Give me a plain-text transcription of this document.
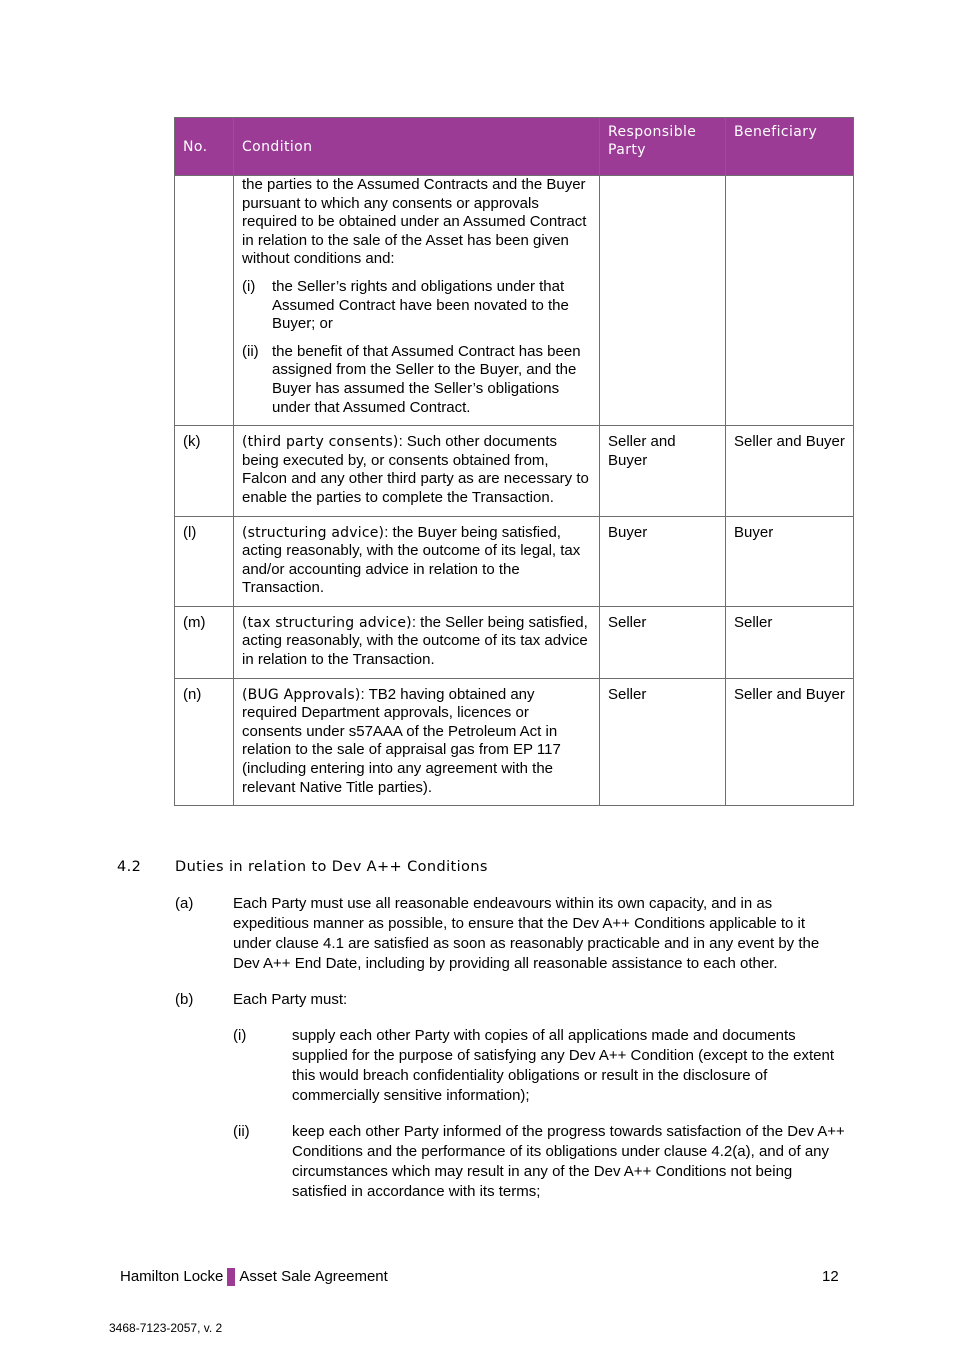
No.	Condition	Responsible Party	Beneficiary

	the parties to the Assumed Contracts and the Buyer pursuant to which any consents or approvals required to be obtained under an Assumed Contract in relation to the sale of the Asset has been given without conditions and:
(i) the Seller’s rights and obligations under that Assumed Contract have been novated to the Buyer; or
(ii) the benefit of that Assumed Contract has been assigned from the Seller to the Buyer, and the Buyer has assumed the Seller’s obligations under that Assumed Contract.		

(k)	(third party consents): Such other documents being executed by, or consents obtained from, Falcon and any other third party as are necessary to enable the parties to complete the Transaction.	Seller and Buyer	Seller and Buyer
(l)	(structuring advice): the Buyer being satisfied, acting reasonably, with the outcome of its legal, tax and/or accounting advice in relation to the Transaction.	Buyer	Buyer
(m)	(tax structuring advice): the Seller being satisfied, acting reasonably, with the outcome of its tax advice in relation to the Transaction.	Seller	Seller
(n)	(BUG Approvals): TB2 having obtained any required Department approvals, licences or consents under s57AAA of the Petroleum Act in relation to the sale of appraisal gas from EP 117 (including entering into any agreement with the relevant Native Title parties).	Seller	Seller and Buyer
4.2	Duties in relation to Dev A++ Conditions
(a)	Each Party must use all reasonable endeavours within its own capacity, and in as expeditious manner as possible, to ensure that the Dev A++ Conditions applicable to it under clause 4.1 are satisfied as soon as reasonably practicable and in any event by the Dev A++ End Date, including by providing all reasonable assistance to each other.
(b)	Each Party must:
(i)	supply each other Party with copies of all applications made and documents supplied for the purpose of satisfying any Dev A++ Condition (except to the extent this would breach confidentiality obligations or result in the disclosure of commercially sensitive information);
(ii)	keep each other Party informed of the progress towards satisfaction of the Dev A++ Conditions and the performance of its obligations under clause 4.2(a), and of any circumstances which may result in any of the Dev A++ Conditions not being satisfied in accordance with its terms;
Hamilton Locke Asset Sale Agreement	12
3468-7123-2057, v. 2
